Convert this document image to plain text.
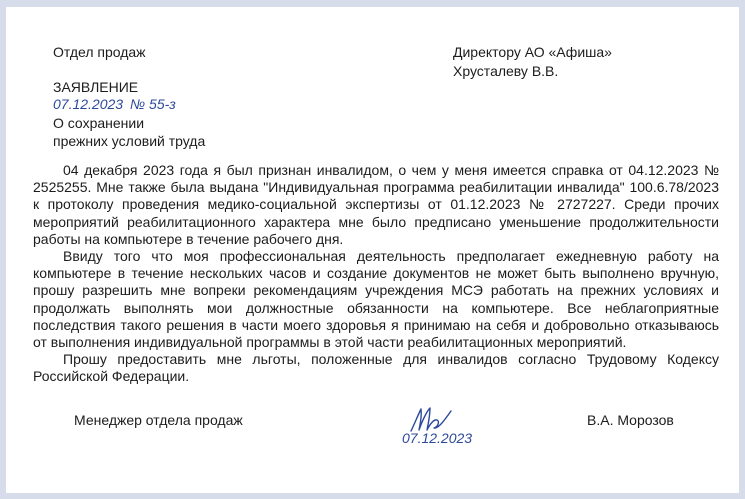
Отдел продаж	Директору АО «Афиша»
Хрусталеву В.В.
ЗАЯВЛЕНИЕ
07.12.2023 № 55-з
О сохранении
прежних условий труда

04 декабря 2023 года я был признан инвалидом, о чем у меня имеется справка от 04.12.2023 № 2525255. Мне также была выдана "Индивидуальная программа реабилитации инвалида" 100.6.78/2023 к протоколу проведения медико-социальной экспертизы от 01.12.2023 № 2727227. Среди прочих мероприятий реабилитационного характера мне было предписано уменьшение продолжительности работы на компьютере в течение рабочего дня.

Ввиду того что моя профессиональная деятельность предполагает ежедневную работу на компьютере в течение нескольких часов и создание документов не может быть выполнено вручную, прошу разрешить мне вопреки рекомендациям учреждения МСЭ работать на прежних условиях и продолжать выполнять мои должностные обязанности на компьютере. Все неблагоприятные последствия такого решения в части моего здоровья я принимаю на себя и добровольно отказываюсь от выполнения индивидуальной программы в этой части реабилитационных мероприятий.

Прошу предоставить мне льготы, положенные для инвалидов согласно Трудовому Кодексу Российской Федерации.

Менеджер отдела продаж
07.12.2023
В.А. Морозов
